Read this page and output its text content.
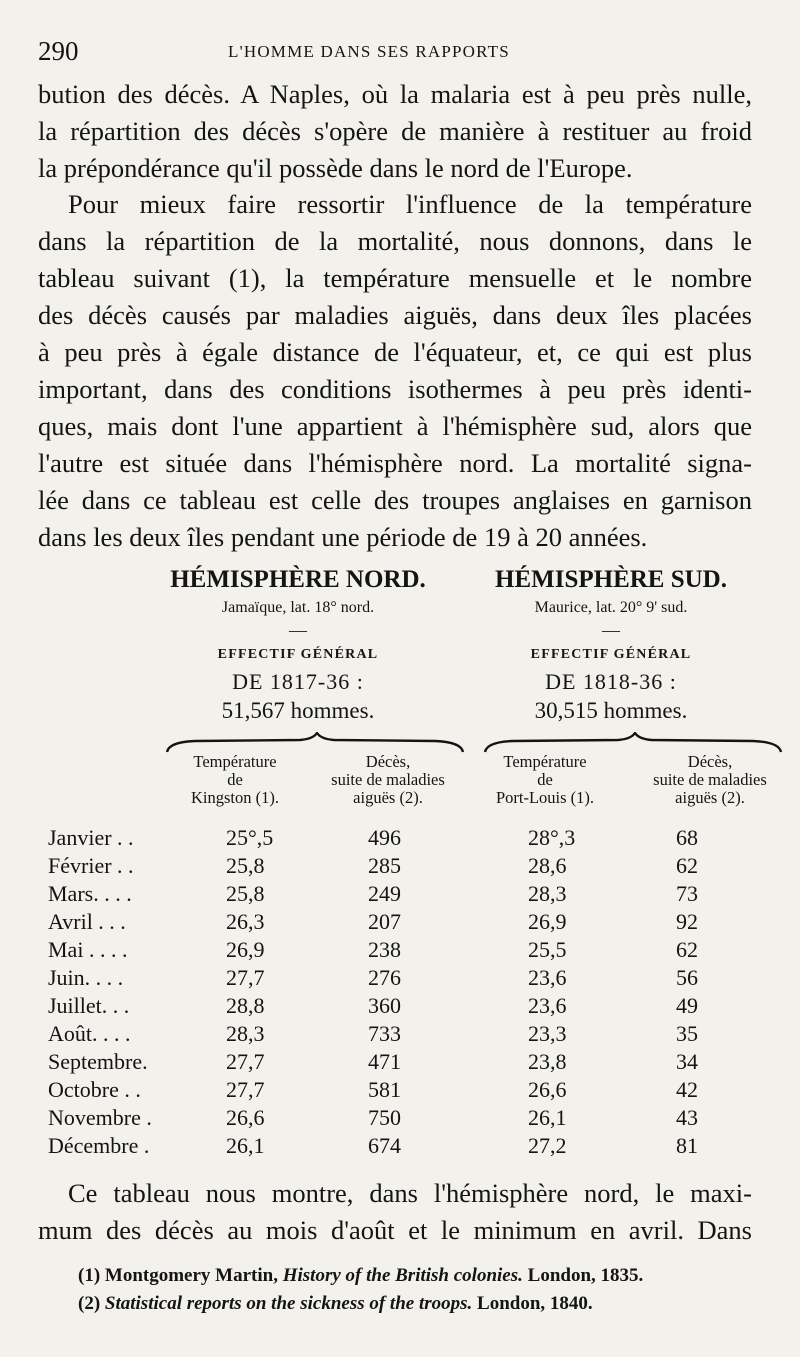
290	L'HOMME DANS SES RAPPORTS
bution des décès. A Naples, où la malaria est à peu près nulle,
la répartition des décès s'opère de manière à restituer au froid
la prépondérance qu'il possède dans le nord de l'Europe.
Pour mieux faire ressortir l'influence de la température
dans la répartition de la mortalité, nous donnons, dans le
tableau suivant (1), la température mensuelle et le nombre
des décès causés par maladies aiguës, dans deux îles placées
à peu près à égale distance de l'équateur, et, ce qui est plus
important, dans des conditions isothermes à peu près identi-
ques, mais dont l'une appartient à l'hémisphère sud, alors que
l'autre est située dans l'hémisphère nord. La mortalité signa-
lée dans ce tableau est celle des troupes anglaises en garnison
dans les deux îles pendant une période de 19 à 20 années.
HÉMISPHÈRE NORD.
Jamaïque, lat. 18° nord.
—
EFFECTIF GÉNÉRAL
DE 1817-36 :
51,567 hommes.
HÉMISPHÈRE SUD.
Maurice, lat. 20° 9' sud.
—
EFFECTIF GÉNÉRAL
DE 1818-36 :
30,515 hommes.
Température
de
Kingston (1).
Décès,
suite de maladies
aiguës (2).
Température
de
Port-Louis (1).
Décès,
suite de maladies
aiguës (2).
Janvier . .	25°,5	496	28°,3	68
Février . .	25,8	285	28,6	62
Mars. . . .	25,8	249	28,3	73
Avril . . .	26,3	207	26,9	92
Mai . . . .	26,9	238	25,5	62
Juin. . . .	27,7	276	23,6	56
Juillet. . .	28,8	360	23,6	49
Août. . . .	28,3	733	23,3	35
Septembre.	27,7	471	23,8	34
Octobre . .	27,7	581	26,6	42
Novembre .	26,6	750	26,1	43
Décembre .	26,1	674	27,2	81
Ce tableau nous montre, dans l'hémisphère nord, le maxi-
mum des décès au mois d'août et le minimum en avril. Dans
(1) Montgomery Martin, History of the British colonies. London, 1835.
(2) Statistical reports on the sickness of the troops. London, 1840.
